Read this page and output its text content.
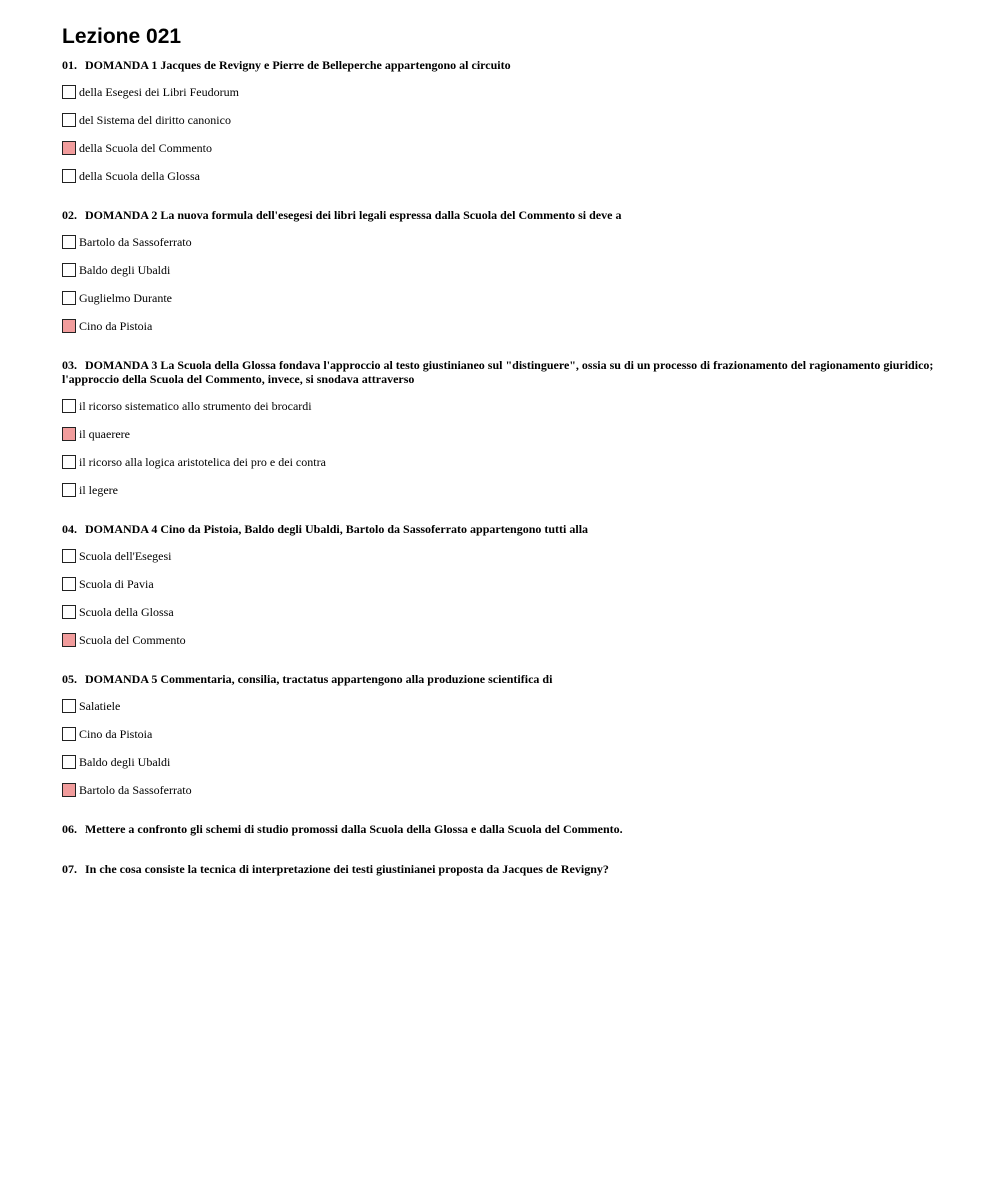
Lezione 021
01. DOMANDA 1 Jacques de Revigny e Pierre de Belleperche appartengono al circuito
della Esegesi dei Libri Feudorum
del Sistema del diritto canonico
della Scuola del Commento
della Scuola della Glossa
02. DOMANDA 2 La nuova formula dell'esegesi dei libri legali espressa dalla Scuola del Commento si deve a
Bartolo da Sassoferrato
Baldo degli Ubaldi
Guglielmo Durante
Cino da Pistoia
03. DOMANDA 3 La Scuola della Glossa fondava l'approccio al testo giustinianeo sul "distinguere", ossia su di un processo di frazionamento del ragionamento giuridico; l'approccio della Scuola del Commento, invece, si snodava attraverso
il ricorso sistematico allo strumento dei brocardi
il quaerere
il ricorso alla logica aristotelica dei pro e dei contra
il legere
04. DOMANDA 4 Cino da Pistoia, Baldo degli Ubaldi, Bartolo da Sassoferrato appartengono tutti alla
Scuola dell'Esegesi
Scuola di Pavia
Scuola della Glossa
Scuola del Commento
05. DOMANDA 5 Commentaria, consilia, tractatus appartengono alla produzione scientifica di
Salatiele
Cino da Pistoia
Baldo degli Ubaldi
Bartolo da Sassoferrato
06. Mettere a confronto gli schemi di studio promossi dalla Scuola della Glossa e dalla Scuola del Commento.
07. In che cosa consiste la tecnica di interpretazione dei testi giustinianei proposta da Jacques de Revigny?
